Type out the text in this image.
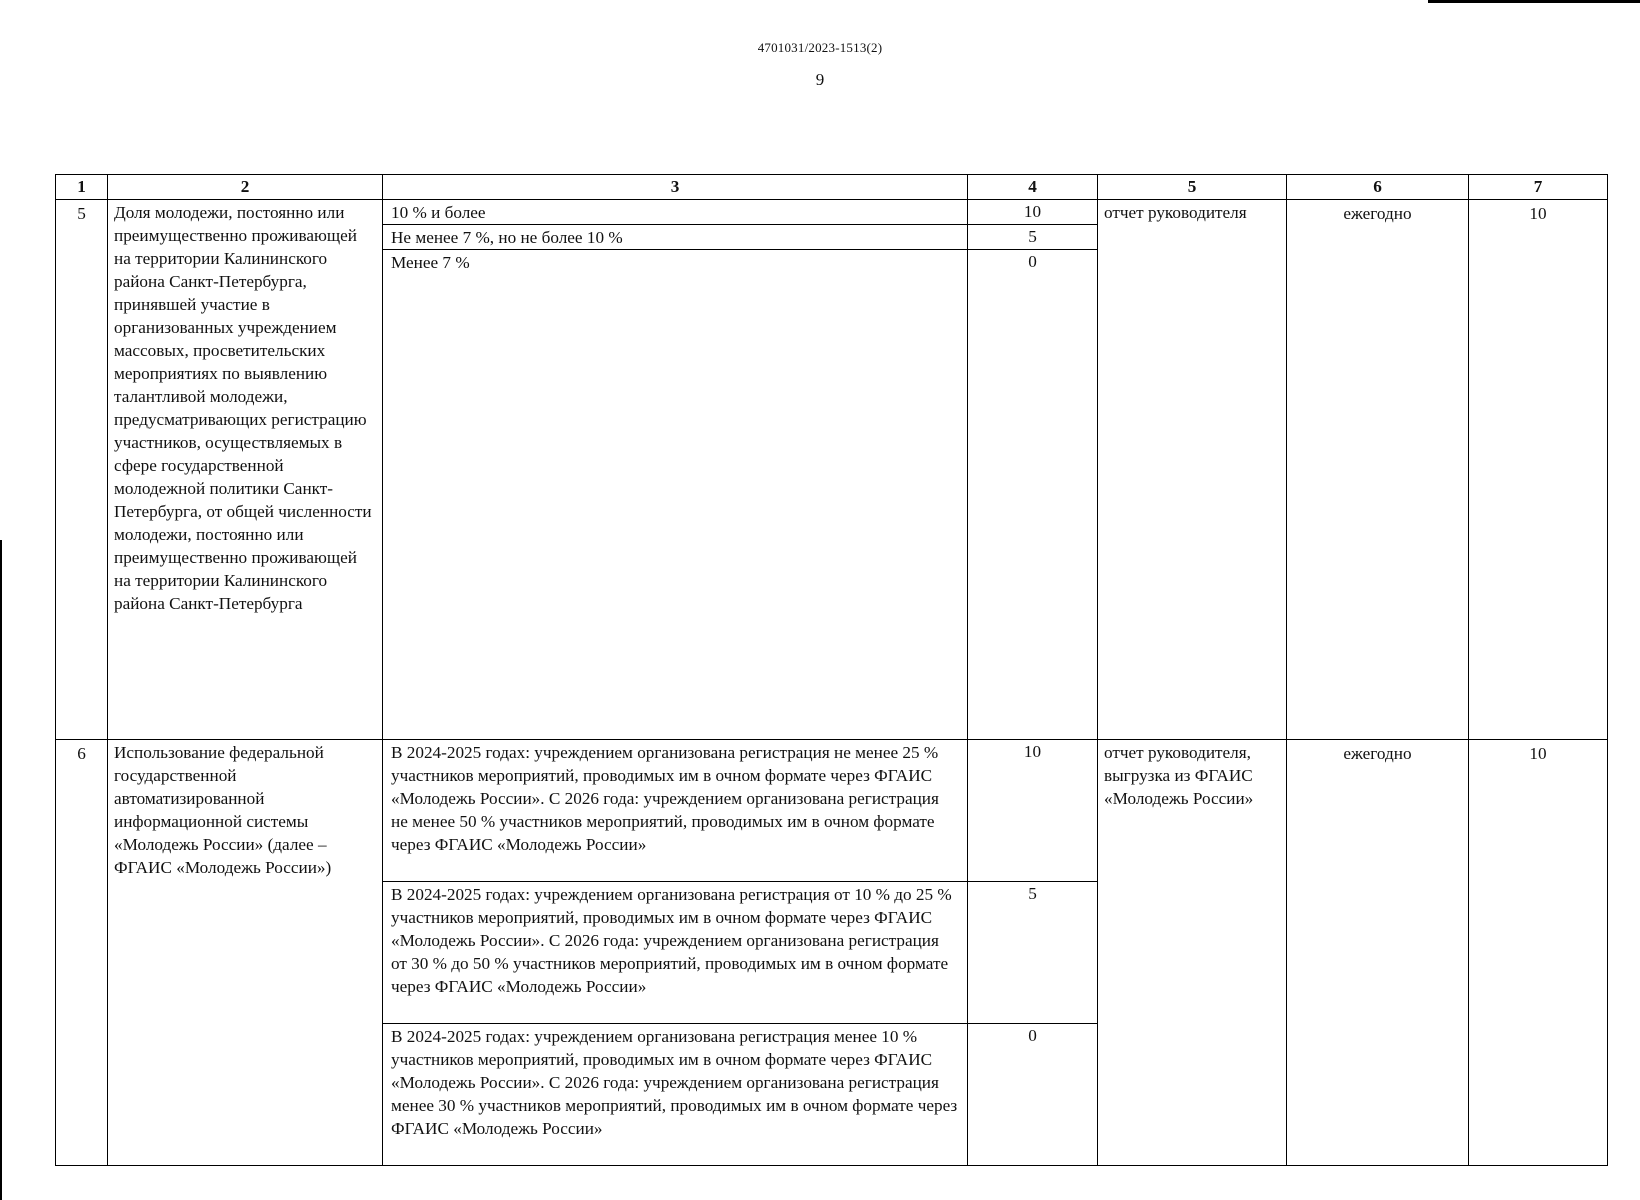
4701031/2023-1513(2)
9
1	2	3	4	5	6	7
5	Доля молодежи, постоянно или преимущественно проживающей на территории Калининского района Санкт-Петербурга, принявшей участие в организованных учреждением массовых, просветительских мероприятиях по выявлению талантливой молодежи, предусматривающих регистрацию участников, осуществляемых в сфере государственной молодежной политики Санкт-Петербурга, от общей численности молодежи, постоянно или преимущественно проживающей на территории Калининского района Санкт-Петербурга	10 % и более	10	отчет руководителя	ежегодно	10
		Не менее 7 %, но не более 10 %	5			
		Менее 7 %	0			
6	Использование федеральной государственной автоматизированной информационной системы «Молодежь России» (далее – ФГАИС «Молодежь России»)	В 2024-2025 годах: учреждением организована регистрация не менее 25 % участников мероприятий, проводимых им в очном формате через ФГАИС «Молодежь России». С 2026 года: учреждением организована регистрация не менее 50 % участников мероприятий, проводимых им в очном формате через ФГАИС «Молодежь России»	10	отчет руководителя, выгрузка из ФГАИС «Молодежь России»	ежегодно	10
		В 2024-2025 годах: учреждением организована регистрация от 10 % до 25 % участников мероприятий, проводимых им в очном формате через ФГАИС «Молодежь России». С 2026 года: учреждением организована регистрация от 30 % до 50 % участников мероприятий, проводимых им в очном формате через ФГАИС «Молодежь России»	5			
		В 2024-2025 годах: учреждением организована регистрация менее 10 % участников мероприятий, проводимых им в очном формате через ФГАИС «Молодежь России». С 2026 года: учреждением организована регистрация менее 30 % участников мероприятий, проводимых им в очном формате через ФГАИС «Молодежь России»	0			
